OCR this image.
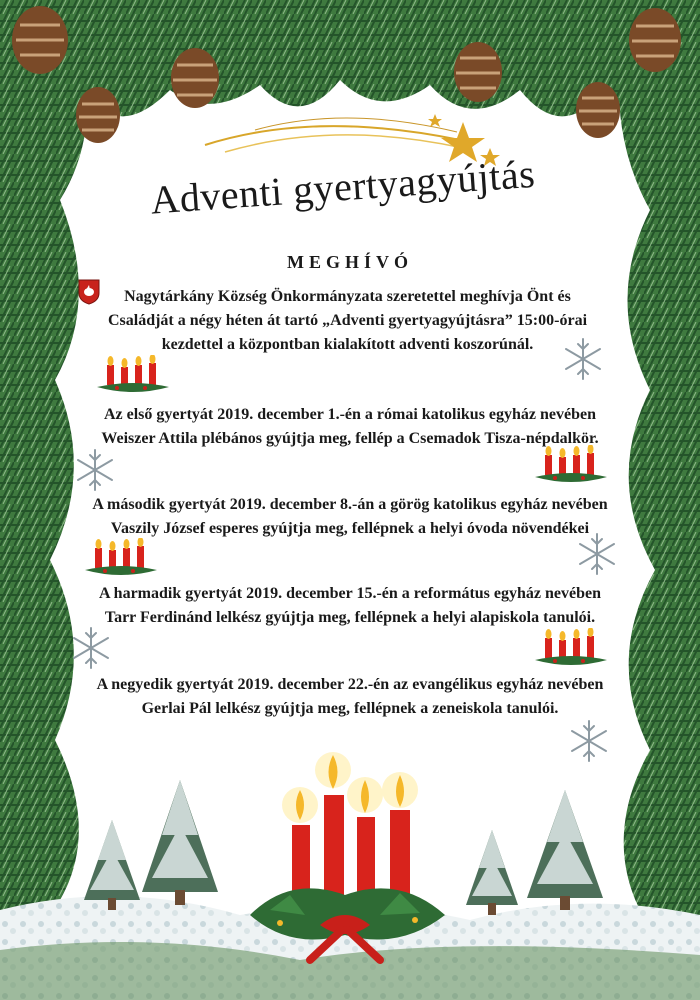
Adventi gyertyagyújtás
MEGHÍVÓ

Nagytárkány Község Önkormányzata szeretettel meghívja Önt és
Családját a négy héten át tartó „Adventi gyertyagyújtásra” 15:00-órai
kezdettel a központban kialakított adventi koszorúnál.

Az első gyertyát 2019. december 1.-én a római katolikus egyház nevében
Weiszer Attila plébános gyújtja meg, fellép a Csemadok Tisza-népdalkör.

A második gyertyát 2019. december 8.-án a görög katolikus egyház nevében
Vaszily József esperes gyújtja meg, fellépnek a helyi óvoda növendékei

A harmadik gyertyát 2019. december 15.-én a református egyház nevében
Tarr Ferdinánd lelkész gyújtja meg, fellépnek a helyi alapiskola tanulói.

A negyedik gyertyát 2019. december 22.-én az evangélikus egyház nevében
Gerlai Pál lelkész gyújtja meg, fellépnek a zeneiskola tanulói.
